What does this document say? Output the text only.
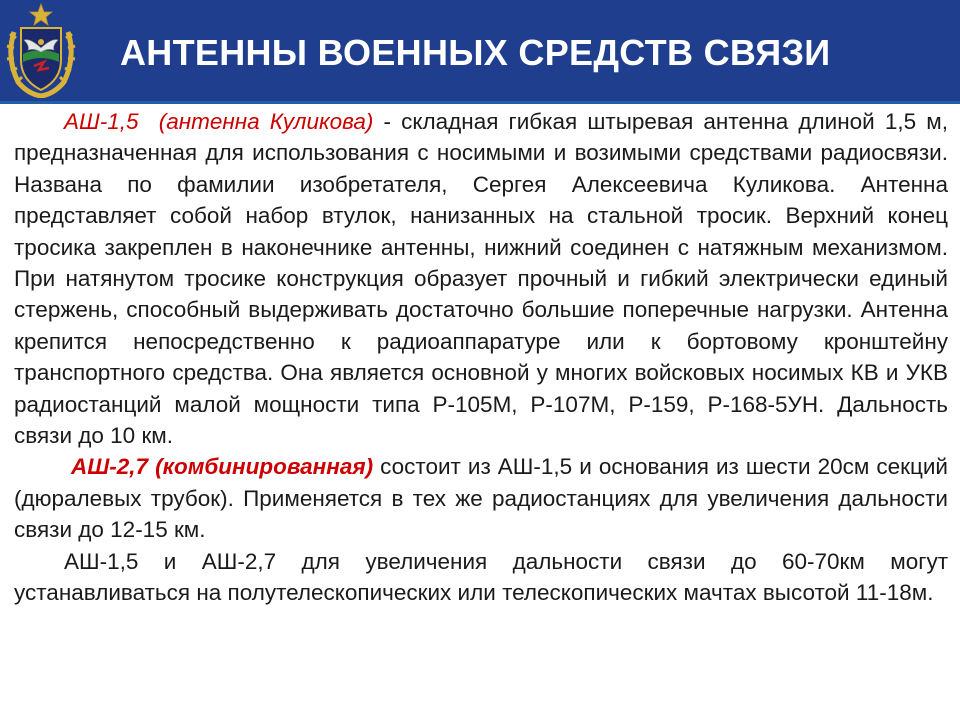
АНТЕННЫ ВОЕННЫХ СРЕДСТВ СВЯЗИ

АШ-1,5 (антенна Куликова) - складная гибкая штыревая антенна длиной 1,5 м, предназначенная для использования с носимыми и возимыми средствами радиосвязи. Названа по фамилии изобретателя, Сергея Алексеевича Куликова. Антенна представляет собой набор втулок, нанизанных на стальной тросик. Верхний конец тросика закреплен в наконечнике антенны, нижний соединен с натяжным механизмом. При натянутом тросике конструкция образует прочный и гибкий электрически единый стержень, способный выдерживать достаточно большие поперечные нагрузки. Антенна крепится непосредственно к радиоаппаратуре или к бортовому кронштейну транспортного средства. Она является основной у многих войсковых носимых КВ и УКВ радиостанций малой мощности типа Р-105М, Р-107М, Р-159, Р-168-5УН. Дальность связи до 10 км.

АШ-2,7 (комбинированная) состоит из АШ-1,5 и основания из шести 20см секций (дюралевых трубок). Применяется в тех же радиостанциях для увеличения дальности связи до 12-15 км.

АШ-1,5 и АШ-2,7 для увеличения дальности связи до 60-70км могут устанавливаться на полутелескопических или телескопических мачтах высотой 11-18м.
